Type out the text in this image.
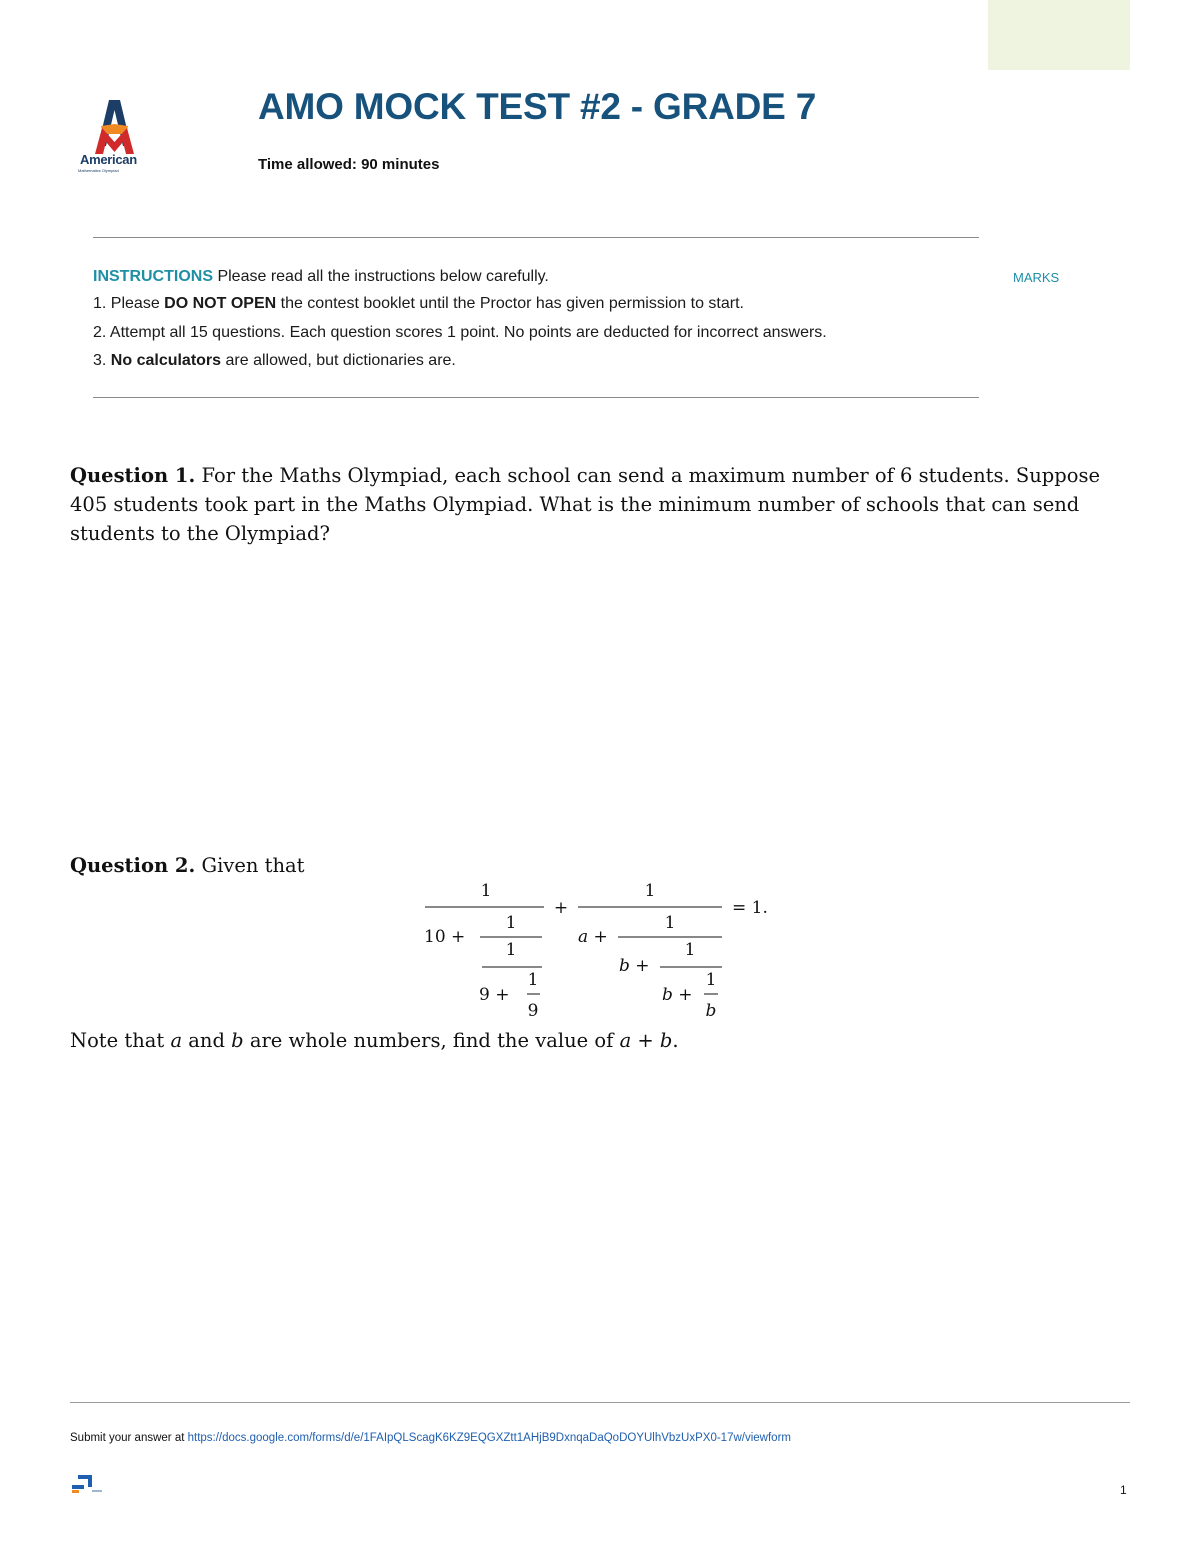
American
Mathematics Olympiad
AMO MOCK TEST #2 - GRADE 7
Time allowed: 90 minutes
INSTRUCTIONS Please read all the instructions below carefully.	MARKS
1. Please DO NOT OPEN the contest booklet until the Proctor has given permission to start.
2. Attempt all 15 questions. Each question scores 1 point. No points are deducted for incorrect answers.
3. No calculators are allowed, but dictionaries are.
Question 1. For the Maths Olympiad, each school can send a maximum number of 6 students. Suppose 405 students took part in the Maths Olympiad. What is the minimum number of schools that can send students to the Olympiad?
Question 2. Given that
1
10 +
1
1
9 +
1
9
+
1
a +
1
b +
1
b +
1
b
= 1.
Note that a and b are whole numbers, find the value of a + b.
Submit your answer at https://docs.google.com/forms/d/e/1FAIpQLScagK6KZ9EQGXZtt1AHjB9DxnqaDaQoDOYUlhVbzUxPX0-17w/viewform
1
